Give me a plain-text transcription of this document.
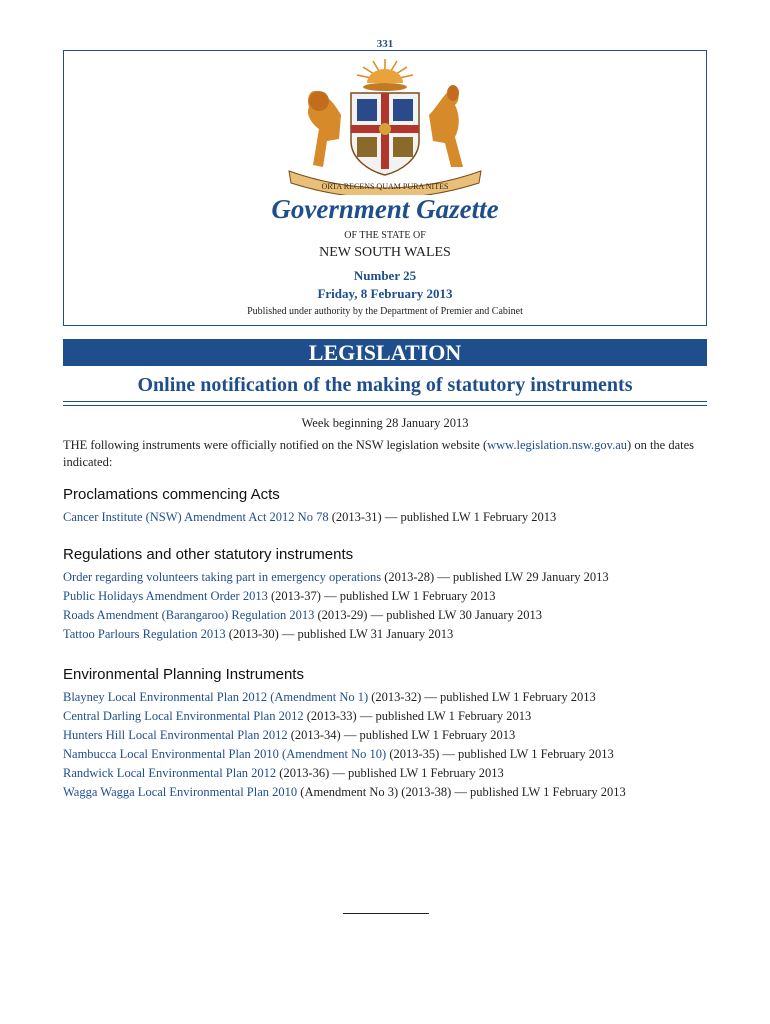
331
ORTA RECENS QUAM PURA NITES
Government Gazette
OF THE STATE OF
NEW SOUTH WALES
Number 25
Friday, 8 February 2013
Published under authority by the Department of Premier and Cabinet
LEGISLATION
Online notification of the making of statutory instruments
Week beginning 28 January 2013
THE following instruments were officially notified on the NSW legislation website (www.legislation.nsw.gov.au) on the dates indicated:
Proclamations commencing Acts
Cancer Institute (NSW) Amendment Act 2012 No 78 (2013-31) — published LW 1 February 2013
Regulations and other statutory instruments
Order regarding volunteers taking part in emergency operations (2013-28) — published LW 29 January 2013
Public Holidays Amendment Order 2013 (2013-37) — published LW 1 February 2013
Roads Amendment (Barangaroo) Regulation 2013 (2013-29) — published LW 30 January 2013
Tattoo Parlours Regulation 2013 (2013-30) — published LW 31 January 2013
Environmental Planning Instruments
Blayney Local Environmental Plan 2012 (Amendment No 1) (2013-32) — published LW 1 February 2013
Central Darling Local Environmental Plan 2012 (2013-33) — published LW 1 February 2013
Hunters Hill Local Environmental Plan 2012 (2013-34) — published LW 1 February 2013
Nambucca Local Environmental Plan 2010 (Amendment No 10) (2013-35) — published LW 1 February 2013
Randwick Local Environmental Plan 2012 (2013-36) — published LW 1 February 2013
Wagga Wagga Local Environmental Plan 2010 (Amendment No 3) (2013-38) — published LW 1 February 2013
